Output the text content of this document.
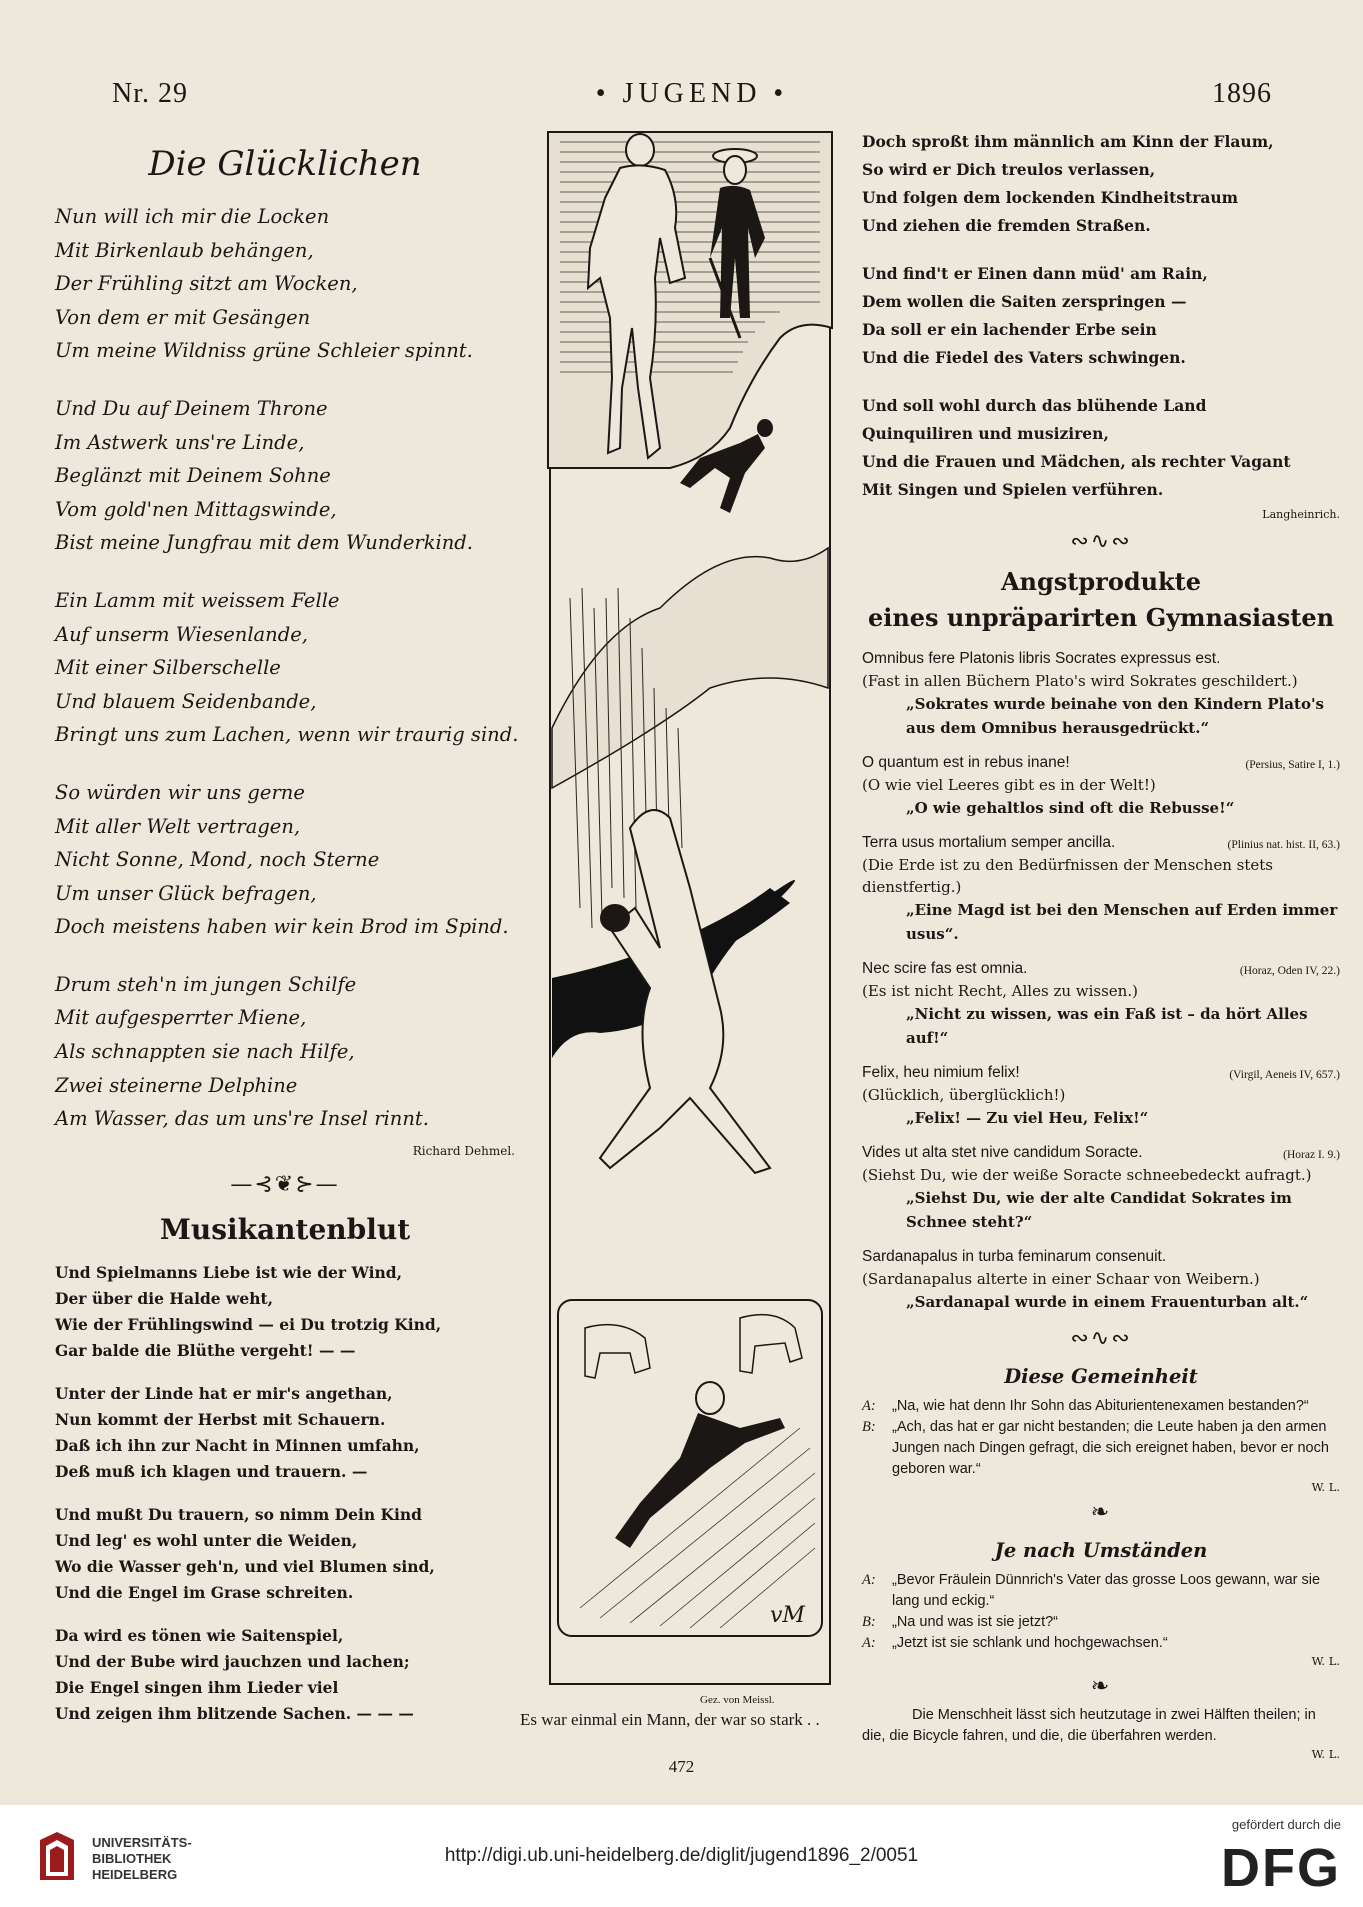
Nr. 29	• JUGEND •	1896
Die Glücklichen
Nun will ich mir die Locken
Mit Birkenlaub behängen,
Der Frühling sitzt am Wocken,
Von dem er mit Gesängen
Um meine Wildniss grüne Schleier spinnt.
Und Du auf Deinem Throne
Im Astwerk uns're Linde,
Beglänzt mit Deinem Sohne
Vom gold'nen Mittagswinde,
Bist meine Jungfrau mit dem Wunderkind.
Ein Lamm mit weissem Felle
Auf unserm Wiesenlande,
Mit einer Silberschelle
Und blauem Seidenbande,
Bringt uns zum Lachen, wenn wir traurig sind.
So würden wir uns gerne
Mit aller Welt vertragen,
Nicht Sonne, Mond, noch Sterne
Um unser Glück befragen,
Doch meistens haben wir kein Brod im Spind.
Drum steh'n im jungen Schilfe
Mit aufgesperrter Miene,
Als schnappten sie nach Hilfe,
Zwei steinerne Delphine
Am Wasser, das um uns're Insel rinnt.
Richard Dehmel.
—⊰❦⊱—
Musikantenblut
Und Spielmanns Liebe ist wie der Wind,
Der über die Halde weht,
Wie der Frühlingswind — ei Du trotzig Kind,
Gar balde die Blüthe vergeht! — —
Unter der Linde hat er mir's angethan,
Nun kommt der Herbst mit Schauern.
Daß ich ihn zur Nacht in Minnen umfahn,
Deß muß ich klagen und trauern. —
Und mußt Du trauern, so nimm Dein Kind
Und leg' es wohl unter die Weiden,
Wo die Wasser geh'n, und viel Blumen sind,
Und die Engel im Grase schreiten.
Da wird es tönen wie Saitenspiel,
Und der Bube wird jauchzen und lachen;
Die Engel singen ihm Lieder viel
Und zeigen ihm blitzende Sachen. — — —
vM
Gez. von Meissl.
Es war einmal ein Mann, der war so stark . .
Doch sproßt ihm männlich am Kinn der Flaum,
So wird er Dich treulos verlassen,
Und folgen dem lockenden Kindheitstraum
Und ziehen die fremden Straßen.
Und find't er Einen dann müd' am Rain,
Dem wollen die Saiten zerspringen —
Da soll er ein lachender Erbe sein
Und die Fiedel des Vaters schwingen.
Und soll wohl durch das blühende Land
Quinquiliren und musiziren,
Und die Frauen und Mädchen, als rechter Vagant
Mit Singen und Spielen verführen.
Langheinrich.
∾∿∾
Angstprodukte
eines unpräparirten Gymnasiasten
Omnibus fere Platonis libris Socrates expressus est.
(Fast in allen Büchern Plato's wird Sokrates geschildert.)
„Sokrates wurde beinahe von den Kindern Plato's aus dem Omnibus herausgedrückt.“
O quantum est in rebus inane!	(Persius, Satire I, 1.)
(O wie viel Leeres gibt es in der Welt!)
„O wie gehaltlos sind oft die Rebusse!“
Terra usus mortalium semper ancilla.	(Plinius nat. hist. II, 63.)
(Die Erde ist zu den Bedürfnissen der Menschen stets dienstfertig.)
„Eine Magd ist bei den Menschen auf Erden immer usus“.
Nec scire fas est omnia.	(Horaz, Oden IV, 22.)
(Es ist nicht Recht, Alles zu wissen.)
„Nicht zu wissen, was ein Faß ist – da hört Alles auf!“
Felix, heu nimium felix!	(Virgil, Aeneis IV, 657.)
(Glücklich, überglücklich!)
„Felix! — Zu viel Heu, Felix!“
Vides ut alta stet nive candidum Soracte.	(Horaz I. 9.)
(Siehst Du, wie der weiße Soracte schneebedeckt aufragt.)
„Siehst Du, wie der alte Candidat Sokrates im Schnee steht?“
Sardanapalus in turba feminarum consenuit.
(Sardanapalus alterte in einer Schaar von Weibern.)
„Sardanapal wurde in einem Frauenturban alt.“
∾∿∾
Diese Gemeinheit
A:	„Na, wie hat denn Ihr Sohn das Abiturientenexamen bestanden?“
B:	„Ach, das hat er gar nicht bestanden; die Leute haben ja den armen Jungen nach Dingen gefragt, die sich ereignet haben, bevor er noch geboren war.“
W. L.
❧
Je nach Umständen
A:	„Bevor Fräulein Dünnrich's Vater das grosse Loos gewann, war sie lang und eckig.“
B:	„Na und was ist sie jetzt?“
A:	„Jetzt ist sie schlank und hochgewachsen.“
W. L.
❧
Die Menschheit lässt sich heutzutage in zwei Hälften theilen; in die, die Bicycle fahren, und die, die überfahren werden.
W. L.
472
UNIVERSITÄTS-
BIBLIOTHEK
HEIDELBERG
http://digi.ub.uni-heidelberg.de/diglit/jugend1896_2/0051
gefördert durch die
DFG
